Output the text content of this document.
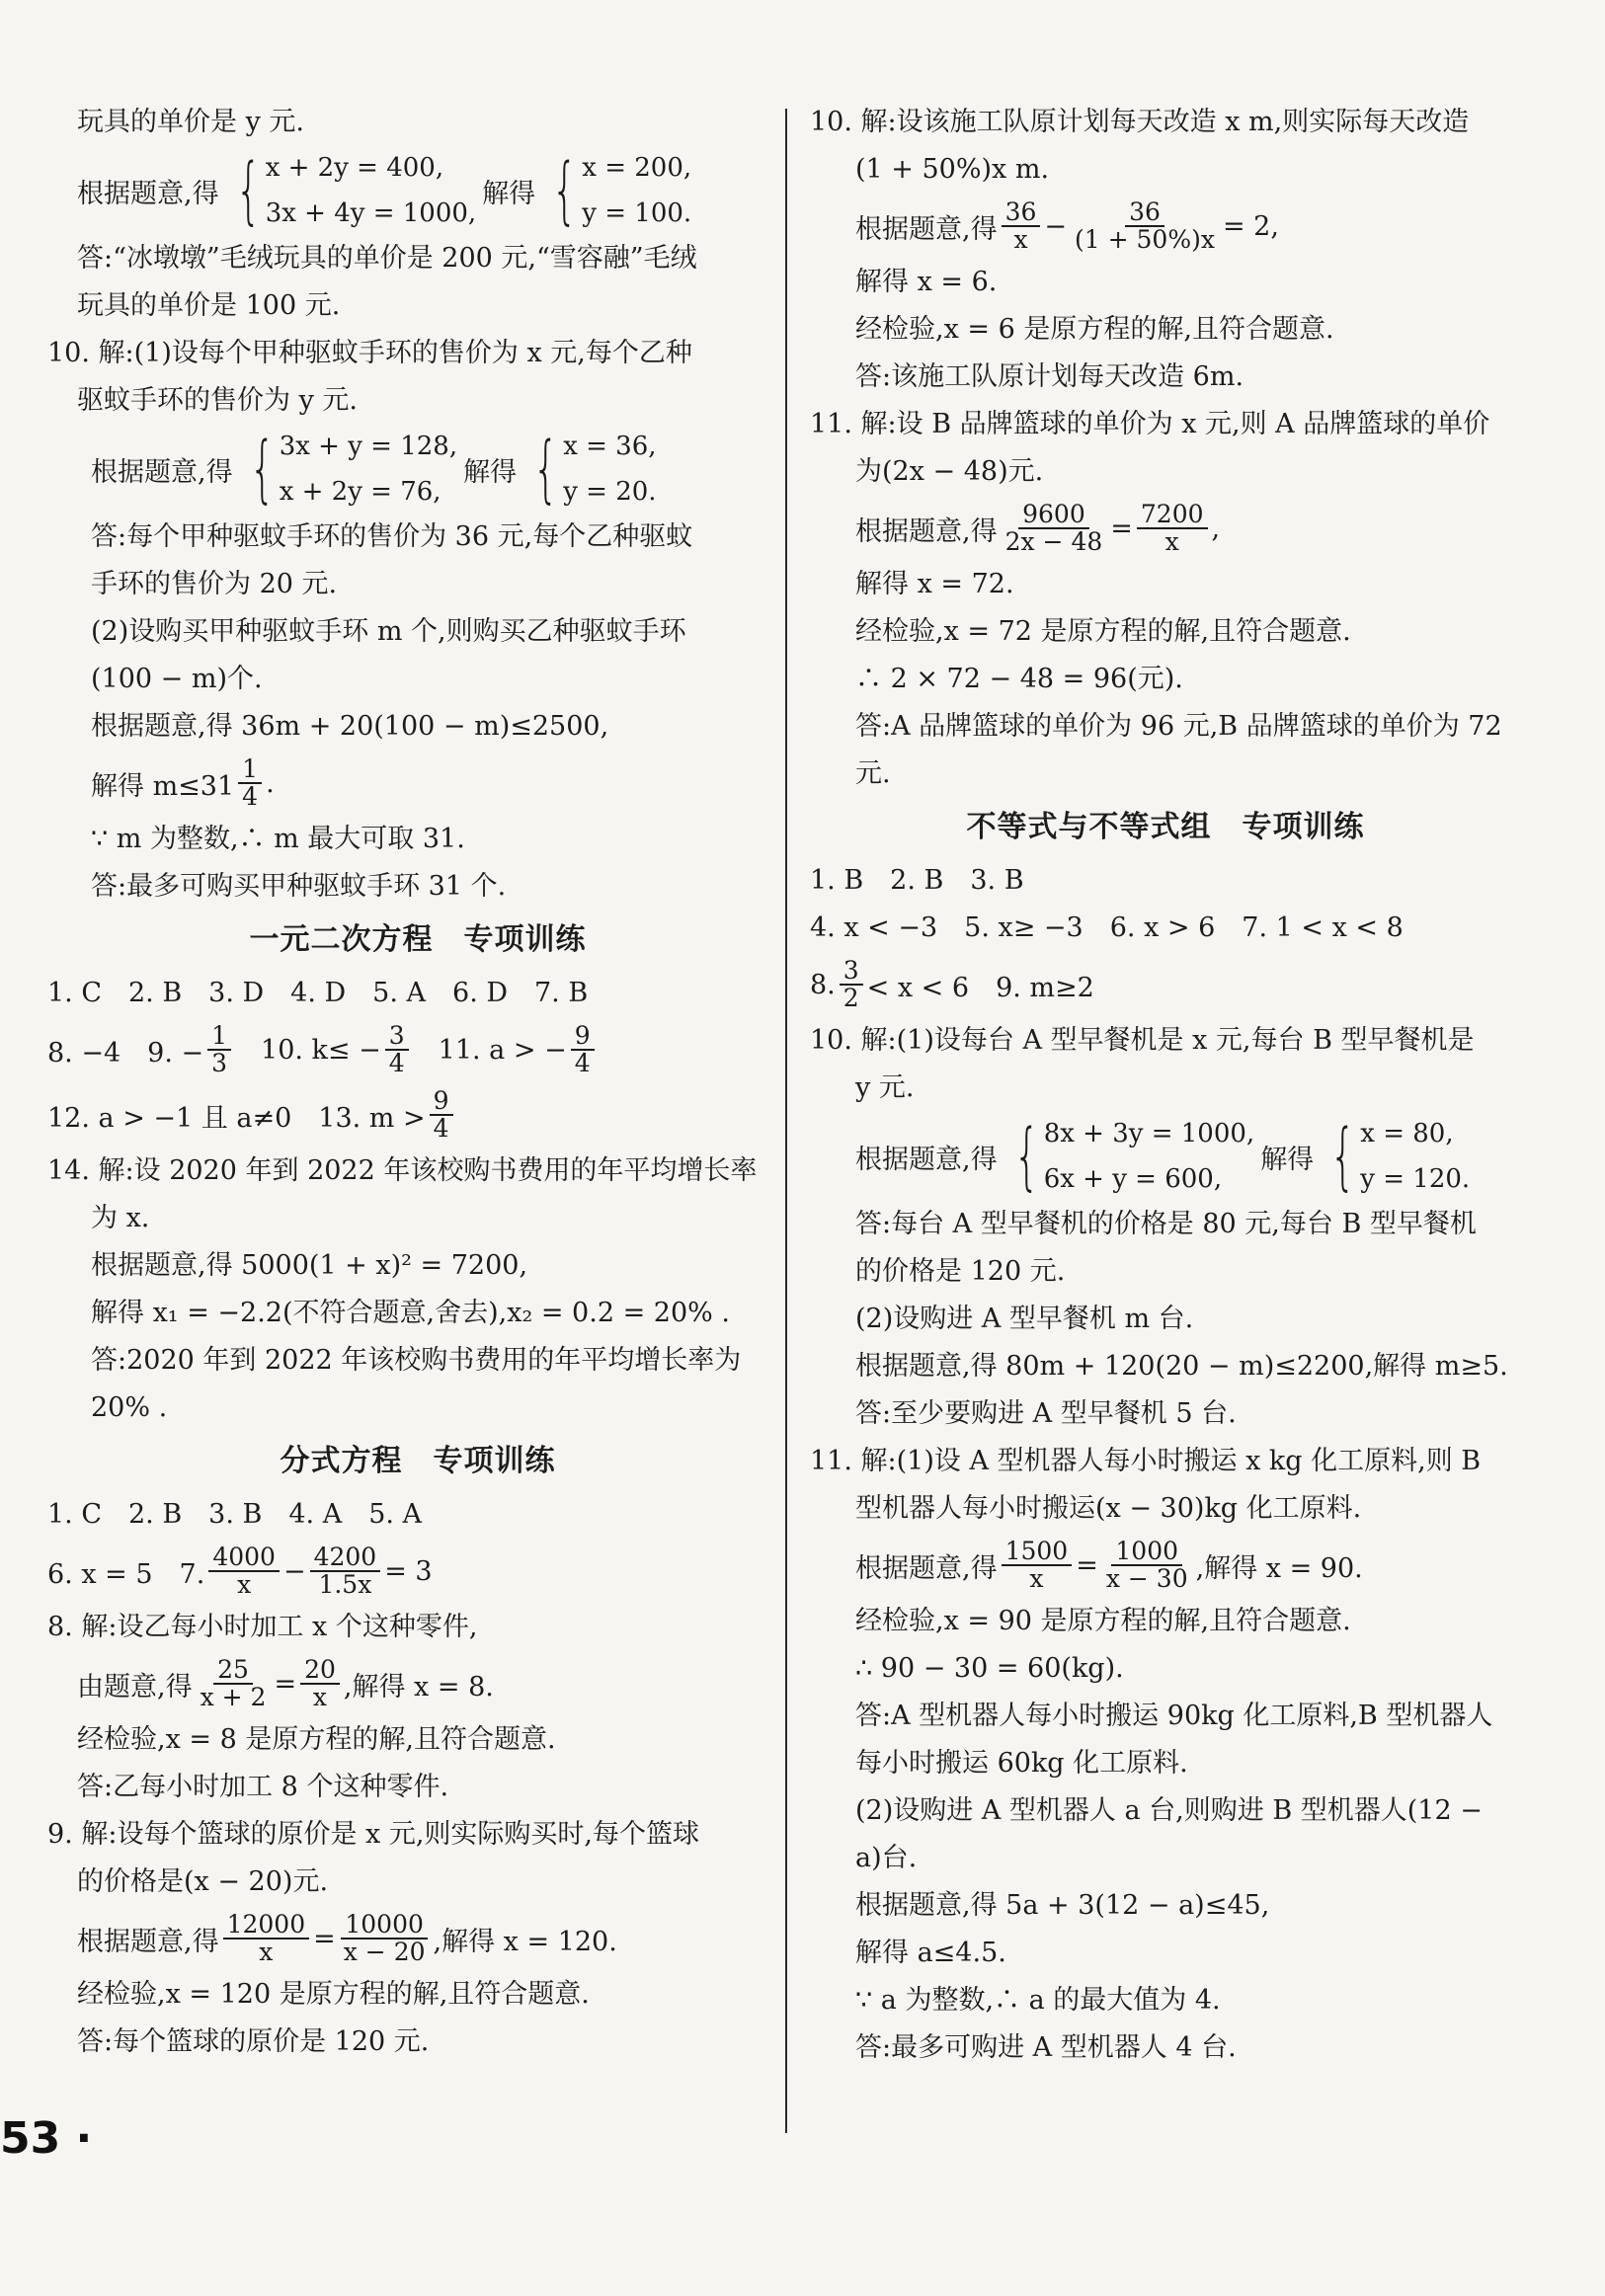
玩具的单价是 y 元.
根据题意,得 { x + 2y = 400,
3x + 4y = 1000,
解得 { x = 200,
y = 100.
答:“冰墩墩”毛绒玩具的单价是 200 元,“雪容融”毛绒
玩具的单价是 100 元.
10. 解:(1)设每个甲种驱蚊手环的售价为 x 元,每个乙种
驱蚊手环的售价为 y 元.
根据题意,得 { 3x + y = 128,
x + 2y = 76,
解得 { x = 36,
y = 20.
答:每个甲种驱蚊手环的售价为 36 元,每个乙种驱蚊
手环的售价为 20 元.
(2)设购买甲种驱蚊手环 m 个,则购买乙种驱蚊手环
(100 − m)个.
根据题意,得 36m + 20(100 − m)≤2500,
解得 $m\le 31 \frac{1}{4}$ .
∵ m 为整数,∴ m 最大可取 31.
答:最多可购买甲种驱蚊手环 31 个.
一元二次方程　专项训练
1. C　2. B　3. D　4. D　5. A　6. D　7. B
8. −4　9. − $\frac{1}{3} 10$. $k\le - \frac{3}{4} 11$. a > − $\frac{9}{4}$
12. a > −1 且 a≠0　13. $m > \frac{9}{4}$
14. 解:设 2020 年到 2022 年该校购书费用的年平均增长率
为 x.
根据题意,得 5000(1 + x)² = 7200,
解得 x₁ = −2.2(不符合题意,舍去),x₂ = 0.2 = 20% .
答:2020 年到 2022 年该校购书费用的年平均增长率为
20% .
分式方程　专项训练
1. C　2. B　3. B　4. A　5. A
6. x = 5　7. $\frac{4000}{x} - \frac{4200}{1.5x} = 3$
8. 解:设乙每小时加工 x 个这种零件,
由题意,得 $\frac{25}{x + 2} = \frac{20}{x}$ ,解得 x = 8.
经检验,x = 8 是原方程的解,且符合题意.
答:乙每小时加工 8 个这种零件.
9. 解:设每个篮球的原价是 x 元,则实际购买时,每个篮球
的价格是(x − 20)元.
根据题意,得 $\frac{12000}{x} = \frac{10000}{x - 20}$ ,解得 x = 120.
经检验,x = 120 是原方程的解,且符合题意.
答:每个篮球的原价是 120 元.
10. 解:设该施工队原计划每天改造 x m,则实际每天改造
(1 + 50%)x m.
根据题意,得 $\frac{36}{x} - \frac{36}{(1 + 50\%)x} = 2$,
解得 x = 6.
经检验,x = 6 是原方程的解,且符合题意.
答:该施工队原计划每天改造 6m.
11. 解:设 B 品牌篮球的单价为 x 元,则 A 品牌篮球的单价
为(2x − 48)元.
根据题意,得 $\frac{9600}{2x - 48} = \frac{7200}{x}$ ,
解得 x = 72.
经检验,x = 72 是原方程的解,且符合题意.
∴ 2 × 72 − 48 = 96(元).
答:A 品牌篮球的单价为 96 元,B 品牌篮球的单价为 72
元.
不等式与不等式组　专项训练
1. B　2. B　3. B
4. x < −3　5. x≥ −3　6. x > 6　7. 1 < x < 8
8. $\frac{3}{2} < x < 6$　9. m≥2
10. 解:(1)设每台 A 型早餐机是 x 元,每台 B 型早餐机是
y 元.
根据题意,得 { 8x + 3y = 1000,
6x + y = 600,
解得 { x = 80,
y = 120.
答:每台 A 型早餐机的价格是 80 元,每台 B 型早餐机
的价格是 120 元.
(2)设购进 A 型早餐机 m 台.
根据题意,得 80m + 120(20 − m)≤2200,解得 m≥5.
答:至少要购进 A 型早餐机 5 台.
11. 解:(1)设 A 型机器人每小时搬运 x kg 化工原料,则 B
型机器人每小时搬运(x − 30)kg 化工原料.
根据题意,得 $\frac{1500}{x} = \frac{1000}{x - 30}$ ,解得 x = 90.
经检验,x = 90 是原方程的解,且符合题意.
∴ 90 − 30 = 60(kg).
答:A 型机器人每小时搬运 90kg 化工原料,B 型机器人
每小时搬运 60kg 化工原料.
(2)设购进 A 型机器人 a 台,则购进 B 型机器人(12 −
a)台.
根据题意,得 5a + 3(12 − a)≤45,
解得 a≤4.5.
∵ a 为整数,∴ a 的最大值为 4.
答:最多可购进 A 型机器人 4 台.
53 ·
